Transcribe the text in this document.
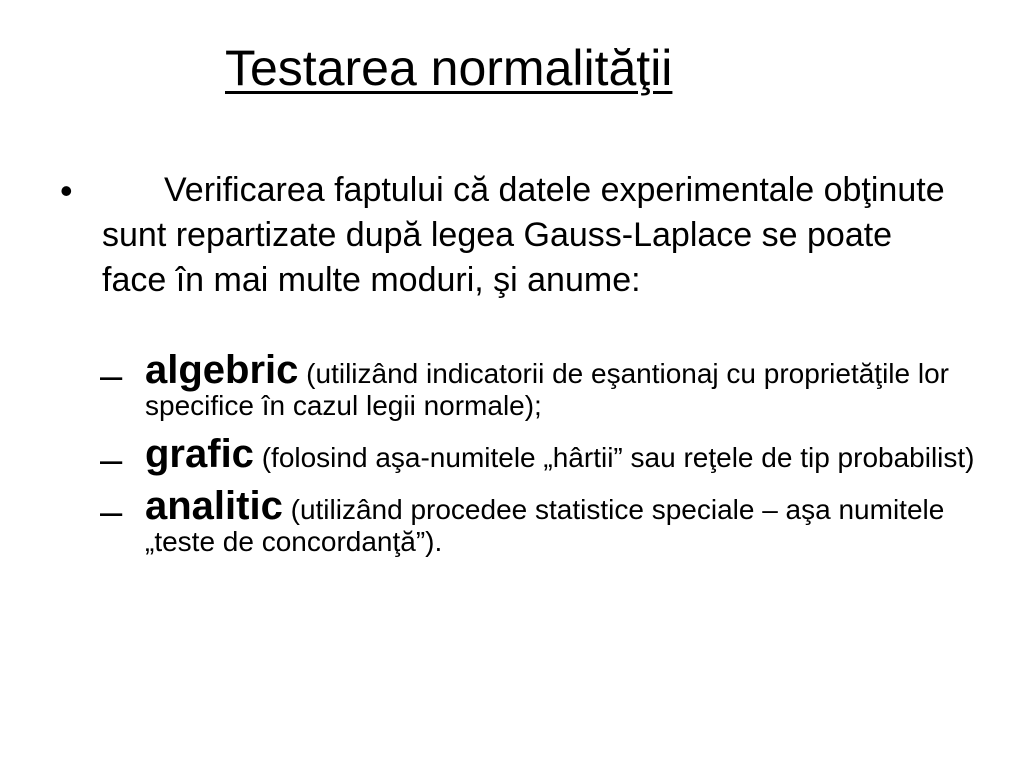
Testarea normalităţii
•	Verificarea faptului că datele experimentale obţinute sunt repartizate după legea Gauss-Laplace se poate face în mai multe moduri, şi anume:
– algebric (utilizând indicatorii de eşantionaj cu proprietăţile lor specifice în cazul legii normale);
– grafic (folosind aşa-numitele „hârtii” sau reţele de tip probabilist)
– analitic (utilizând procedee statistice speciale – aşa numitele „teste de concordanţă”).
